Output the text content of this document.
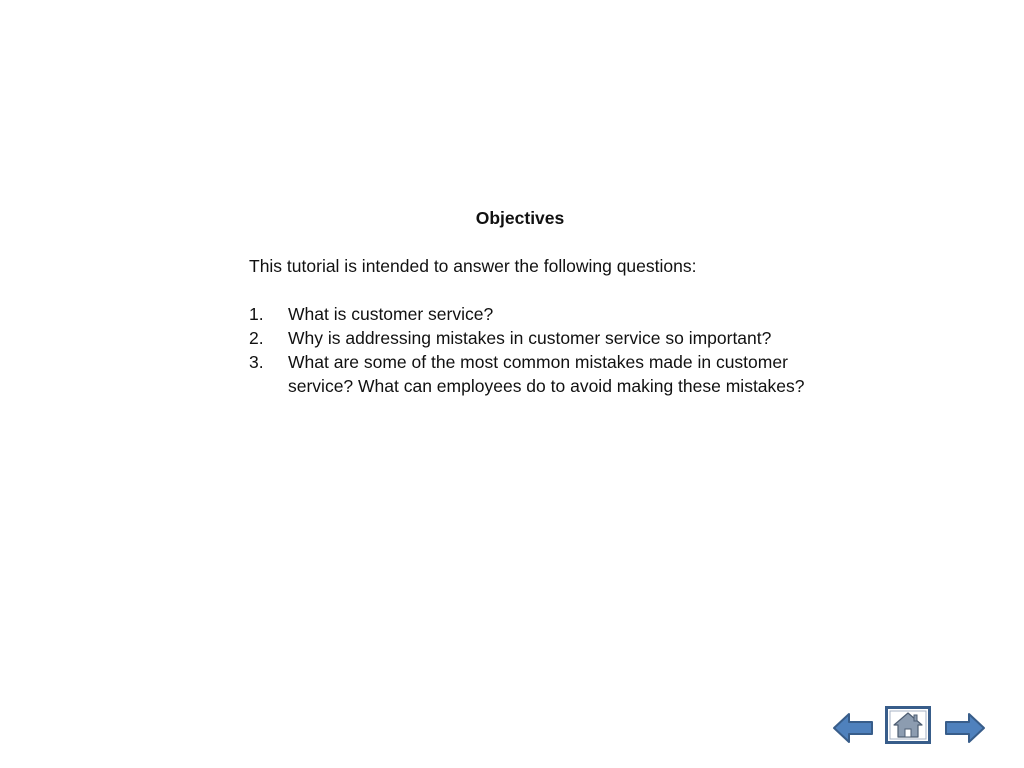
Objectives
This tutorial is intended to answer the following questions:
1.	What is customer service?
2.	Why is addressing mistakes in customer service so important?
3.	What are some of the most common mistakes made in customer service? What can employees do to avoid making these mistakes?
